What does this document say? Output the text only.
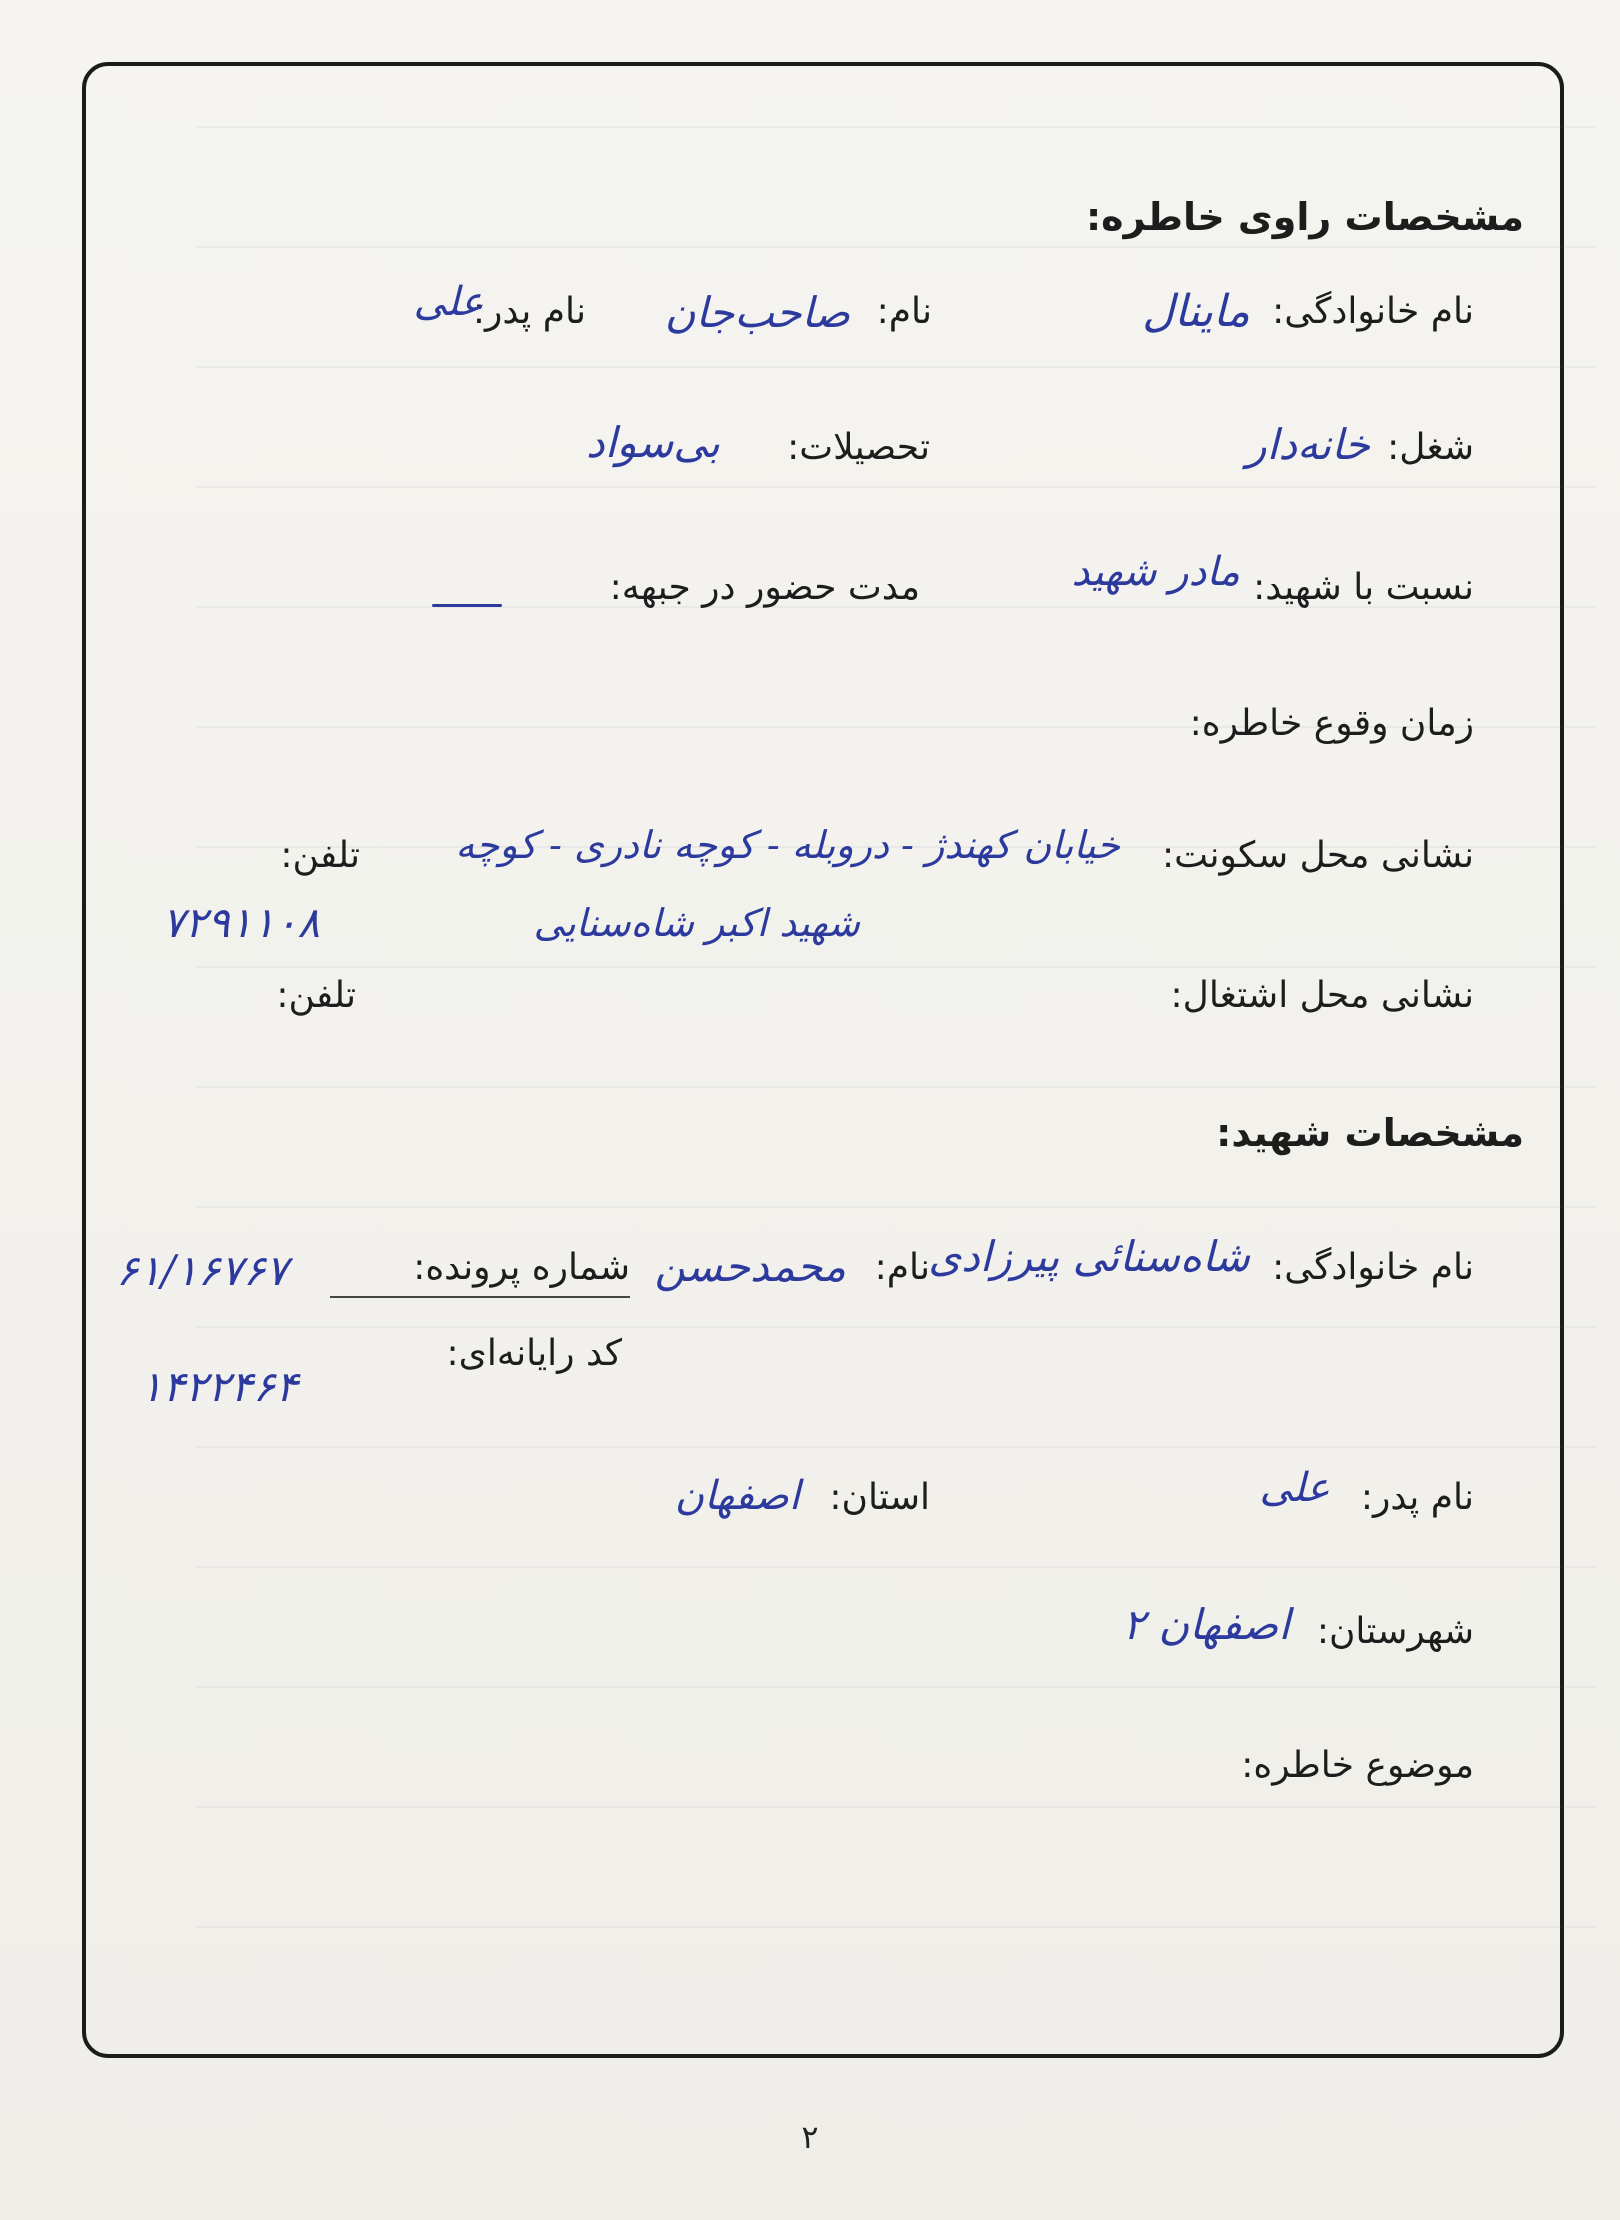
مشخصات راوی خاطره:
نام خانوادگی:
ماینال
نام:
صاحب‌جان
نام پدر:
علی
شغل:
خانه‌دار
تحصیلات:
بی‌سواد
نسبت با شهید:
مادر شهید
مدت حضور در جبهه:
زمان وقوع خاطره:
نشانی محل سکونت:
خیابان کهندژ - دروبله - کوچه نادری - کوچه
شهید اکبر شاه‌سنایی
تلفن:
۷۲۹۱۱۰۸
نشانی محل اشتغال:
تلفن:
مشخصات شهید:
نام خانوادگی:
شاه‌سنائی پیرزادی
نام:
محمدحسن
شماره پرونده:
۶۱/۱۶۷۶۷
کد رایانه‌ای:
۱۴۲۲۴۶۴
نام پدر:
علی
استان:
اصفهان
شهرستان:
اصفهان ۲
موضوع خاطره:
۲
